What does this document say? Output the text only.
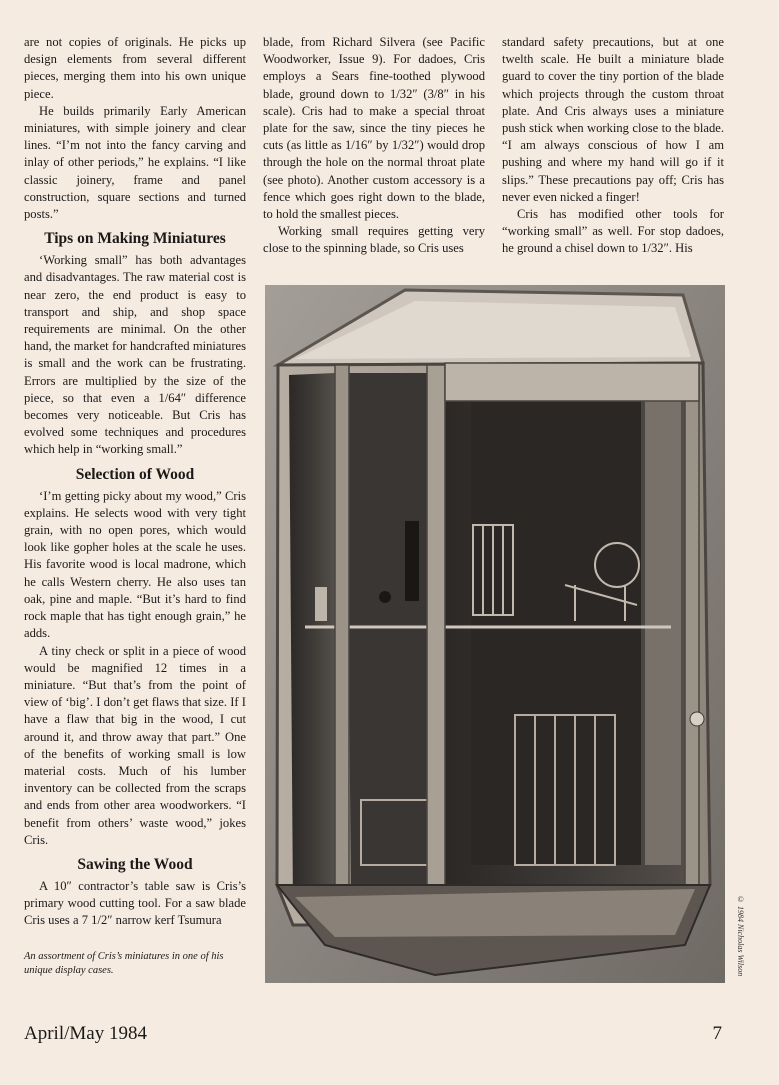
are not copies of originals. He picks up design elements from several different pieces, merging them into his own unique piece.

He builds primarily Early American miniatures, with simple joinery and clear lines. “I’m not into the fancy carving and inlay of other periods,” he explains. “I like classic joinery, frame and panel construction, square sections and turned posts.”

Tips on Making Miniatures

‘Working small” has both advantages and disadvantages. The raw material cost is near zero, the end product is easy to transport and ship, and shop space requirements are minimal. On the other hand, the market for handcrafted miniatures is small and the work can be frustrating. Errors are multiplied by the size of the piece, so that even a 1/64″ difference becomes very noticeable. But Cris has evolved some techniques and procedures which help in “working small.”

Selection of Wood

‘I’m getting picky about my wood,” Cris explains. He selects wood with very tight grain, with no open pores, which would look like gopher holes at the scale he uses. His favorite wood is local madrone, which he calls Western cherry. He also uses tan oak, pine and maple. “But it’s hard to find rock maple that has tight enough grain,” he adds.

A tiny check or split in a piece of wood would be magnified 12 times in a miniature. “But that’s from the point of view of ‘big’. I don’t get flaws that size. If I have a flaw that big in the wood, I cut around it, and throw away that part.” One of the benefits of working small is low material costs. Much of his lumber inventory can be collected from the scraps and ends from other area woodworkers. “I benefit from others’ waste wood,” jokes Cris.

Sawing the Wood

A 10″ contractor’s table saw is Cris’s primary wood cutting tool. For a saw blade Cris uses a 7 1/2″ narrow kerf Tsumura

blade, from Richard Silvera (see Pacific Woodworker, Issue 9). For dadoes, Cris employs a Sears fine-toothed plywood blade, ground down to 1/32″ (3/8″ in his scale). Cris had to make a special throat plate for the saw, since the tiny pieces he cuts (as little as 1/16″ by 1/32″) would drop through the hole on the normal throat plate (see photo). Another custom accessory is a fence which goes right down to the blade, to hold the smallest pieces.

Working small requires getting very close to the spinning blade, so Cris uses

standard safety precautions, but at one twelth scale. He built a miniature blade guard to cover the tiny portion of the blade which projects through the custom throat plate. And Cris always uses a miniature push stick when working close to the blade. “I am always conscious of how I am pushing and where my hand will go if it slips.” These precautions pay off; Cris has never even nicked a finger!

Cris has modified other tools for “working small” as well. For stop dadoes, he ground a chisel down to 1/32″. His

© 1984 Nicholas Wilson
An assortment of Cris’s miniatures in one of his unique display cases.
April/May 1984	7
